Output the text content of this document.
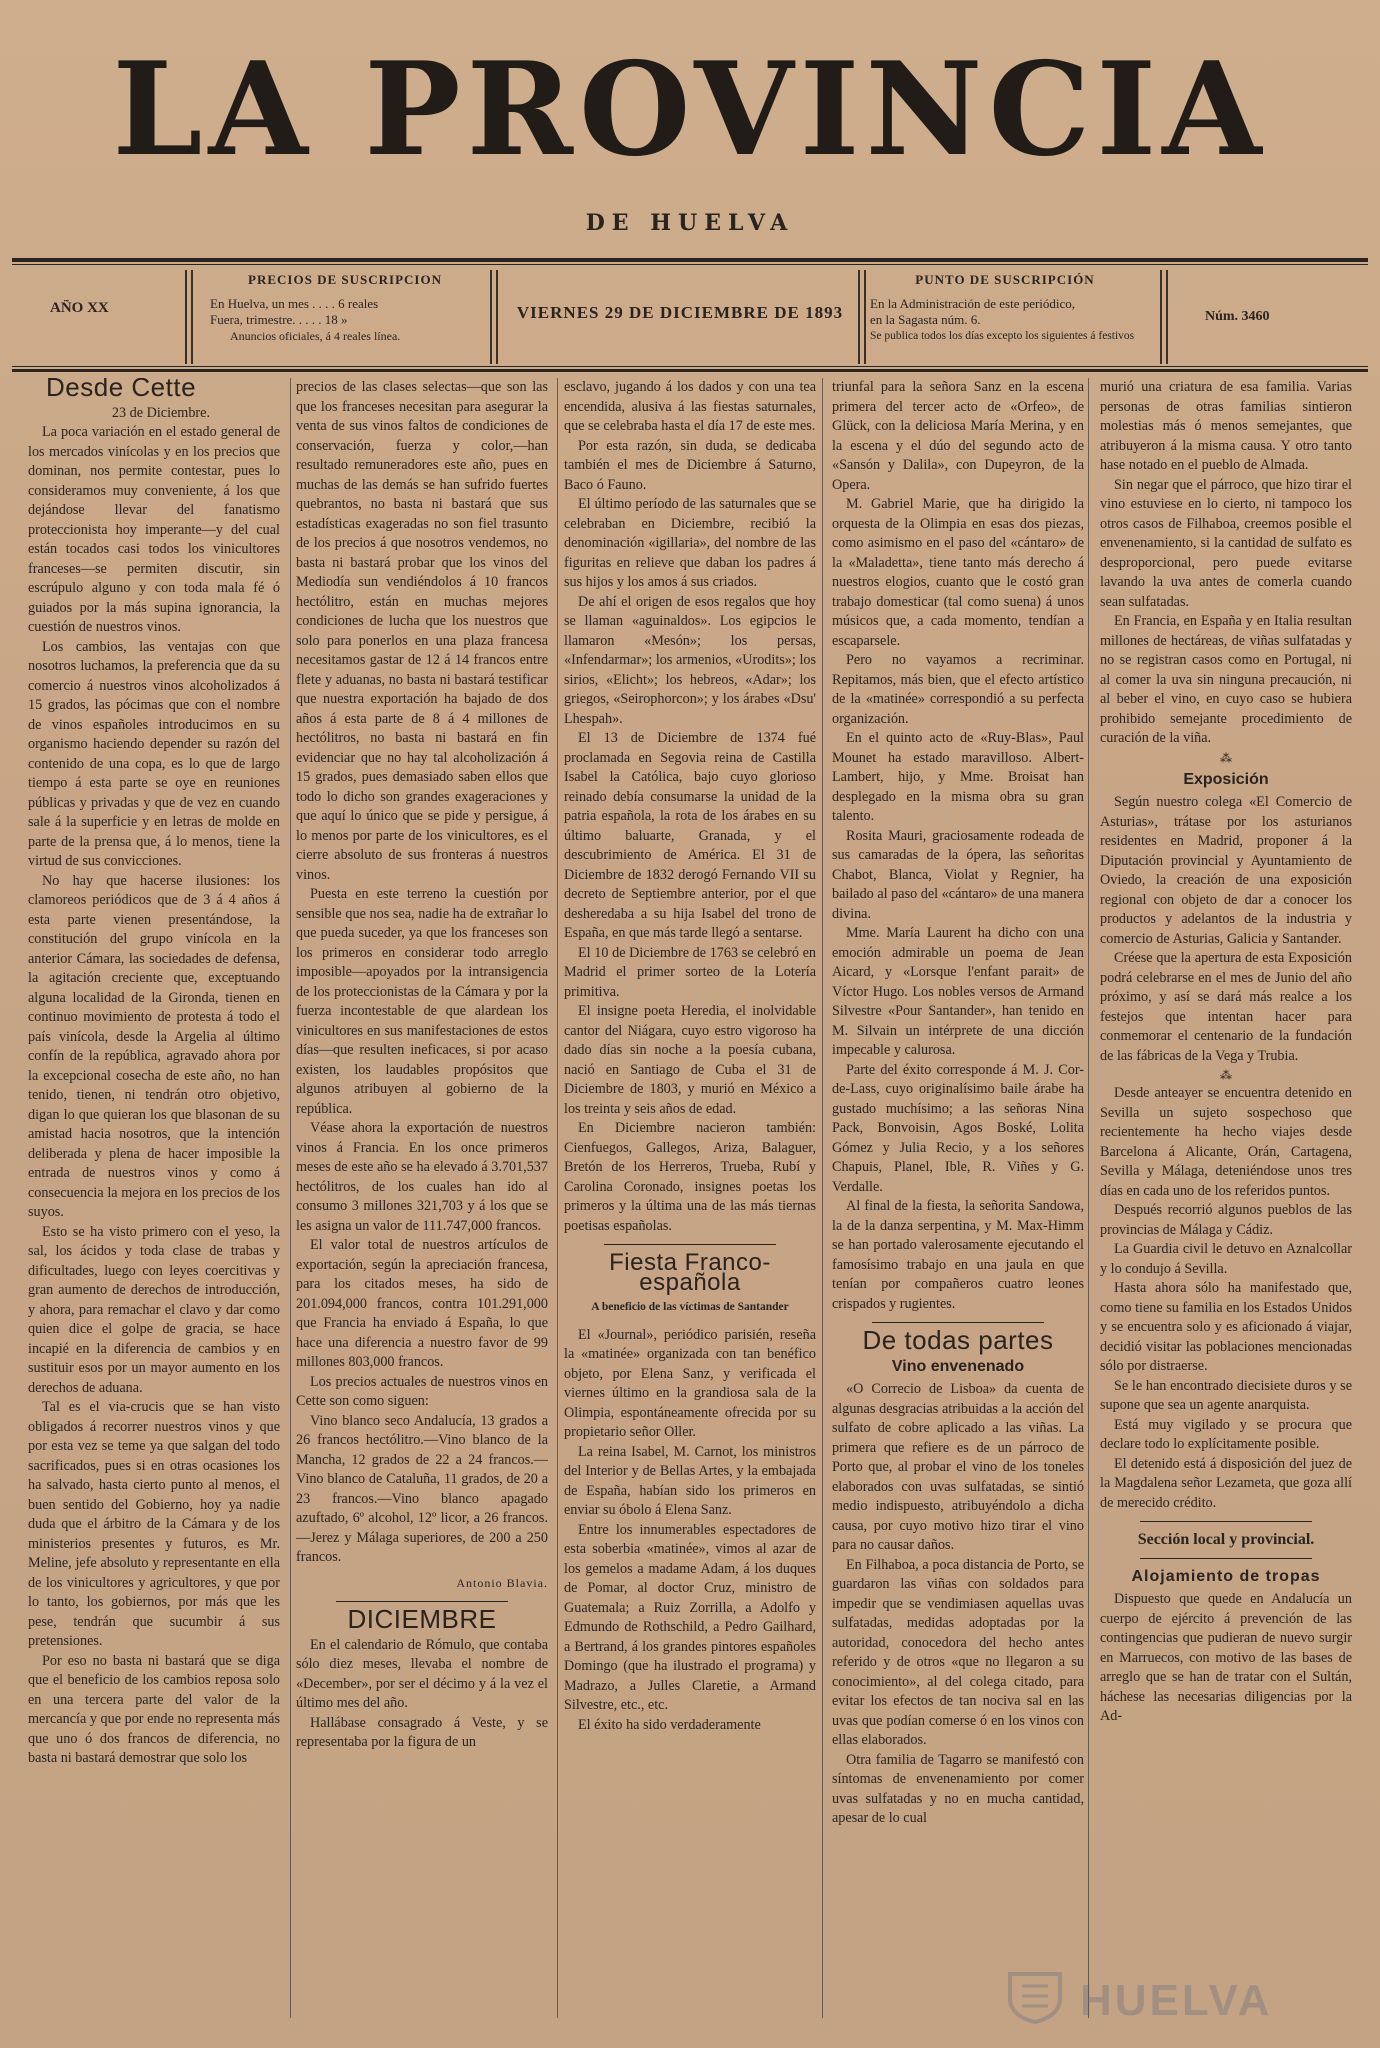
LA PROVINCIA
DE HUELVA
AÑO XX
PRECIOS DE SUSCRIPCION
En Huelva, un mes . . . . 6 reales
Fuera, trimestre. . . . . 18 »
Anuncios oficiales, á 4 reales línea.
VIERNES 29 DE DICIEMBRE DE 1893
PUNTO DE SUSCRIPCIÓN
En la Administración de este periódico,
en la Sagasta núm. 6.
Se publica todos los días excepto los siguientes á festivos
Núm. 3460
Desde Cette

23 de Diciembre.

La poca variación en el estado general de los mercados vinícolas y en los precios que dominan, nos permite contestar, pues lo consideramos muy conveniente, á los que dejándose llevar del fanatismo proteccionista hoy imperante—y del cual están tocados casi todos los vinicultores franceses—se permiten discutir, sin escrúpulo alguno y con toda mala fé ó guiados por la más supina ignorancia, la cuestión de nuestros vinos.

Los cambios, las ventajas con que nosotros luchamos, la preferencia que da su comercio á nuestros vinos alcoholizados á 15 grados, las pócimas que con el nombre de vinos españoles introducimos en su organismo haciendo depender su razón del contenido de una copa, es lo que de largo tiempo á esta parte se oye en reuniones públicas y privadas y que de vez en cuando sale á la superficie y en letras de molde en parte de la prensa que, á lo menos, tiene la virtud de sus convicciones.

No hay que hacerse ilusiones: los clamoreos periódicos que de 3 á 4 años á esta parte vienen presentándose, la constitución del grupo vinícola en la anterior Cámara, las sociedades de defensa, la agitación creciente que, exceptuando alguna localidad de la Gironda, tienen en continuo movimiento de protesta á todo el país vinícola, desde la Argelia al último confín de la república, agravado ahora por la excepcional cosecha de este año, no han tenido, tienen, ni tendrán otro objetivo, digan lo que quieran los que blasonan de su amistad hacia nosotros, que la intención deliberada y plena de hacer imposible la entrada de nuestros vinos y como á consecuencia la mejora en los precios de los suyos.

Esto se ha visto primero con el yeso, la sal, los ácidos y toda clase de trabas y dificultades, luego con leyes coercitivas y gran aumento de derechos de introducción, y ahora, para remachar el clavo y dar como quien dice el golpe de gracia, se hace incapié en la diferencia de cambios y en sustituir esos por un mayor aumento en los derechos de aduana.

Tal es el via-crucis que se han visto obligados á recorrer nuestros vinos y que por esta vez se teme ya que salgan del todo sacrificados, pues si en otras ocasiones los ha salvado, hasta cierto punto al menos, el buen sentido del Gobierno, hoy ya nadie duda que el árbitro de la Cámara y de los ministerios presentes y futuros, es Mr. Meline, jefe absoluto y representante en ella de los vinicultores y agricultores, y que por lo tanto, los gobiernos, por más que les pese, tendrán que sucumbir á sus pretensiones.

Por eso no basta ni bastará que se diga que el beneficio de los cambios reposa solo en una tercera parte del valor de la mercancía y que por ende no representa más que uno ó dos francos de diferencia, no basta ni bastará demostrar que solo los

precios de las clases selectas—que son las que los franceses necesitan para asegurar la venta de sus vinos faltos de condiciones de conservación, fuerza y color,—han resultado remuneradores este año, pues en muchas de las demás se han sufrido fuertes quebrantos, no basta ni bastará que sus estadísticas exageradas no son fiel trasunto de los precios á que nosotros vendemos, no basta ni bastará probar que los vinos del Mediodía sun vendiéndolos á 10 francos hectólitro, están en muchas mejores condiciones de lucha que los nuestros que solo para ponerlos en una plaza francesa necesitamos gastar de 12 á 14 francos entre flete y aduanas, no basta ni bastará testificar que nuestra exportación ha bajado de dos años á esta parte de 8 á 4 millones de hectólitros, no basta ni bastará en fin evidenciar que no hay tal alcoholización á 15 grados, pues demasiado saben ellos que todo lo dicho son grandes exageraciones y que aquí lo único que se pide y persigue, á lo menos por parte de los vinicultores, es el cierre absoluto de sus fronteras á nuestros vinos.

Puesta en este terreno la cuestión por sensible que nos sea, nadie ha de extrañar lo que pueda suceder, ya que los franceses son los primeros en considerar todo arreglo imposible—apoyados por la intransigencia de los proteccionistas de la Cámara y por la fuerza incontestable de que alardean los vinicultores en sus manifestaciones de estos días—que resulten ineficaces, si por acaso existen, los laudables propósitos que algunos atribuyen al gobierno de la república.

Véase ahora la exportación de nuestros vinos á Francia. En los once primeros meses de este año se ha elevado á 3.701,537 hectólitros, de los cuales han ido al consumo 3 millones 321,703 y á los que se les asigna un valor de 111.747,000 francos.

El valor total de nuestros artículos de exportación, según la apreciación francesa, para los citados meses, ha sido de 201.094,000 francos, contra 101.291,000 que Francia ha enviado á España, lo que hace una diferencia a nuestro favor de 99 millones 803,000 francos.

Los precios actuales de nuestros vinos en Cette son como siguen:

Vino blanco seco Andalucía, 13 grados a 26 francos hectólitro.—Vino blanco de la Mancha, 12 grados de 22 a 24 francos.—Vino blanco de Cataluña, 11 grados, de 20 a 23 francos.—Vino blanco apagado azuftado, 6º alcohol, 12º licor, a 26 francos.—Jerez y Málaga superiores, de 200 a 250 francos.

Antonio Blavia.
DICIEMBRE

En el calendario de Rómulo, que contaba sólo diez meses, llevaba el nombre de «December», por ser el décimo y á la vez el último mes del año.

Hallábase consagrado á Veste, y se representaba por la figura de un

esclavo, jugando á los dados y con una tea encendida, alusiva á las fiestas saturnales, que se celebraba hasta el día 17 de este mes.

Por esta razón, sin duda, se dedicaba también el mes de Diciembre á Saturno, Baco ó Fauno.

El último período de las saturnales que se celebraban en Diciembre, recibió la denominación «igillaria», del nombre de las figuritas en relieve que daban los padres á sus hijos y los amos á sus criados.

De ahí el origen de esos regalos que hoy se llaman «aguinaldos». Los egipcios le llamaron «Mesón»; los persas, «Infendarmar»; los armenios, «Urodits»; los sirios, «Elicht»; los hebreos, «Adar»; los griegos, «Seirophorcon»; y los árabes «Dsu' Lhespah».

El 13 de Diciembre de 1374 fué proclamada en Segovia reina de Castilla Isabel la Católica, bajo cuyo glorioso reinado debía consumarse la unidad de la patria española, la rota de los árabes en su último baluarte, Granada, y el descubrimiento de América. El 31 de Diciembre de 1832 derogó Fernando VII su decreto de Septiembre anterior, por el que desheredaba a su hija Isabel del trono de España, en que más tarde llegó a sentarse.

El 10 de Diciembre de 1763 se celebró en Madrid el primer sorteo de la Lotería primitiva.

El insigne poeta Heredia, el inolvidable cantor del Niágara, cuyo estro vigoroso ha dado días sin noche a la poesía cubana, nació en Santiago de Cuba el 31 de Diciembre de 1803, y murió en México a los treinta y seis años de edad.

En Diciembre nacieron también: Cienfuegos, Gallegos, Ariza, Balaguer, Bretón de los Herreros, Trueba, Rubí y Carolina Coronado, insignes poetas los primeros y la última una de las más tiernas poetisas españolas.

Fiesta Franco-española
A beneficio de las víctimas de Santander

El «Journal», periódico parisién, reseña la «matinée» organizada con tan benéfico objeto, por Elena Sanz, y verificada el viernes último en la grandiosa sala de la Olimpia, espontáneamente ofrecida por su propietario señor Oller.

La reina Isabel, M. Carnot, los ministros del Interior y de Bellas Artes, y la embajada de España, habían sido los primeros en enviar su óbolo á Elena Sanz.

Entre los innumerables espectadores de esta soberbia «matinée», vimos al azar de los gemelos a madame Adam, á los duques de Pomar, al doctor Cruz, ministro de Guatemala; a Ruiz Zorrilla, a Adolfo y Edmundo de Rothschild, a Pedro Gailhard, a Bertrand, á los grandes pintores españoles Domingo (que ha ilustrado el programa) y Madrazo, a Julles Claretie, a Armand Silvestre, etc., etc.

El éxito ha sido verdaderamente

triunfal para la señora Sanz en la escena primera del tercer acto de «Orfeo», de Glück, con la deliciosa María Merina, y en la escena y el dúo del segundo acto de «Sansón y Dalila», con Dupeyron, de la Opera.

M. Gabriel Marie, que ha dirigido la orquesta de la Olimpia en esas dos piezas, como asimismo en el paso del «cántaro» de la «Maladetta», tiene tanto más derecho á nuestros elogios, cuanto que le costó gran trabajo domesticar (tal como suena) á unos músicos que, a cada momento, tendían a escaparsele.

Pero no vayamos a recriminar. Repitamos, más bien, que el efecto artístico de la «matinée» correspondió a su perfecta organización.

En el quinto acto de «Ruy-Blas», Paul Mounet ha estado maravilloso. Albert-Lambert, hijo, y Mme. Broisat han desplegado en la misma obra su gran talento.

Rosita Mauri, graciosamente rodeada de sus camaradas de la ópera, las señoritas Chabot, Blanca, Violat y Regnier, ha bailado al paso del «cántaro» de una manera divina.

Mme. María Laurent ha dicho con una emoción admirable un poema de Jean Aicard, y «Lorsque l'enfant parait» de Víctor Hugo. Los nobles versos de Armand Silvestre «Pour Santander», han tenido en M. Silvain un intérprete de una dicción impecable y calurosa.

Parte del éxito corresponde á M. J. Cor-de-Lass, cuyo originalísimo baile árabe ha gustado muchísimo; a las señoras Nina Pack, Bonvoisin, Agos Boské, Lolita Gómez y Julia Recio, y a los señores Chapuis, Planel, Ible, R. Viñes y G. Verdalle.

Al final de la fiesta, la señorita Sandowa, la de la danza serpentina, y M. Max-Himm se han portado valerosamente ejecutando el famosísimo trabajo en una jaula en que tenían por compañeros cuatro leones crispados y rugientes.

De todas partes
Vino envenenado

«O Correcio de Lisboa» da cuenta de algunas desgracias atribuidas a la acción del sulfato de cobre aplicado a las viñas. La primera que refiere es de un párroco de Porto que, al probar el vino de los toneles elaborados con uvas sulfatadas, se sintió medio indispuesto, atribuyéndolo a dicha causa, por cuyo motivo hizo tirar el vino para no causar daños.

En Filhaboa, a poca distancia de Porto, se guardaron las viñas con soldados para impedir que se vendimiasen aquellas uvas sulfatadas, medidas adoptadas por la autoridad, conocedora del hecho antes referido y de otros «que no llegaron a su conocimiento», al del colega citado, para evitar los efectos de tan nociva sal en las uvas que podían comerse ó en los vinos con ellas elaborados.

Otra familia de Tagarro se manifestó con síntomas de envenenamiento por comer uvas sulfatadas y no en mucha cantidad, apesar de lo cual

murió una criatura de esa familia. Varias personas de otras familias sintieron molestias más ó menos semejantes, que atribuyeron á la misma causa. Y otro tanto hase notado en el pueblo de Almada.

Sin negar que el párroco, que hizo tirar el vino estuviese en lo cierto, ni tampoco los otros casos de Filhaboa, creemos posible el envenenamiento, si la cantidad de sulfato es desproporcional, pero puede evitarse lavando la uva antes de comerla cuando sean sulfatadas.

En Francia, en España y en Italia resultan millones de hectáreas, de viñas sulfatadas y no se registran casos como en Portugal, ni al comer la uva sin ninguna precaución, ni al beber el vino, en cuyo caso se hubiera prohibido semejante procedimiento de curación de la viña.

⁂
Exposición

Según nuestro colega «El Comercio de Asturias», trátase por los asturianos residentes en Madrid, proponer á la Diputación provincial y Ayuntamiento de Oviedo, la creación de una exposición regional con objeto de dar a conocer los productos y adelantos de la industria y comercio de Asturias, Galicia y Santander.

Créese que la apertura de esta Exposición podrá celebrarse en el mes de Junio del año próximo, y así se dará más realce a los festejos que intentan hacer para conmemorar el centenario de la fundación de las fábricas de la Vega y Trubia.

⁂

Desde anteayer se encuentra detenido en Sevilla un sujeto sospechoso que recientemente ha hecho viajes desde Barcelona á Alicante, Orán, Cartagena, Sevilla y Málaga, deteniéndose unos tres días en cada uno de los referidos puntos.

Después recorrió algunos pueblos de las provincias de Málaga y Cádiz.

La Guardia civil le detuvo en Aznalcollar y lo condujo á Sevilla.

Hasta ahora sólo ha manifestado que, como tiene su familia en los Estados Unidos y se encuentra solo y es aficionado á viajar, decidió visitar las poblaciones mencionadas sólo por distraerse.

Se le han encontrado diecisiete duros y se supone que sea un agente anarquista.

Está muy vigilado y se procura que declare todo lo explícitamente posible.

El detenido está á disposición del juez de la Magdalena señor Lezameta, que goza allí de merecido crédito.

Sección local y provincial.
Alojamiento de tropas

Dispuesto que quede en Andalucía un cuerpo de ejército á prevención de las contingencias que pudieran de nuevo surgir en Marruecos, con motivo de las bases de arreglo que se han de tratar con el Sultán, háchese las necesarias diligencias por la Ad-

HUELVA
